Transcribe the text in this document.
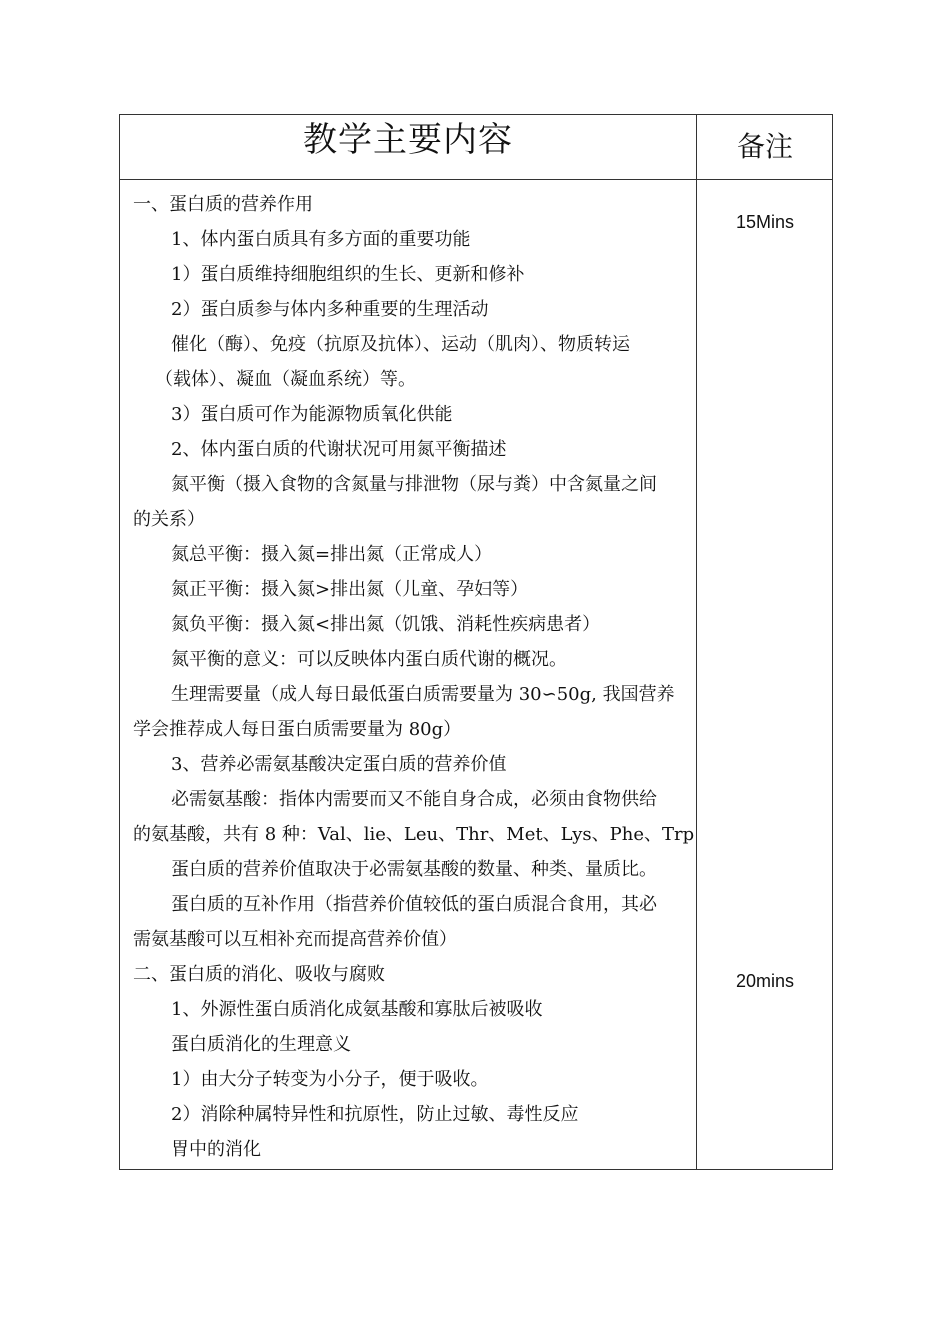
教学主要内容	备注
一、蛋白质的营养作用
1、体内蛋白质具有多方面的重要功能
1）蛋白质维持细胞组织的生长、更新和修补
2）蛋白质参与体内多种重要的生理活动
催化（酶）、免疫（抗原及抗体）、运动（肌肉）、物质转运
（载体）、凝血（凝血系统）等。
3）蛋白质可作为能源物质氧化供能
2、体内蛋白质的代谢状况可用氮平衡描述
氮平衡（摄入食物的含氮量与排泄物（尿与粪）中含氮量之间
的关系）
氮总平衡：摄入氮=排出氮（正常成人）
氮正平衡：摄入氮>排出氮（儿童、孕妇等）
氮负平衡：摄入氮<排出氮（饥饿、消耗性疾病患者）
氮平衡的意义：可以反映体内蛋白质代谢的概况。
生理需要量（成人每日最低蛋白质需要量为 30∽50g, 我国营养
学会推荐成人每日蛋白质需要量为 80g）
3、营养必需氨基酸决定蛋白质的营养价值
必需氨基酸：指体内需要而又不能自身合成，必须由食物供给
的氨基酸，共有 8 种：Val、lie、Leu、Thr、Met、Lys、Phe、Trp
蛋白质的营养价值取决于必需氨基酸的数量、种类、量质比。
蛋白质的互补作用（指营养价值较低的蛋白质混合食用，其必
需氨基酸可以互相补充而提高营养价值）
二、蛋白质的消化、吸收与腐败
1、外源性蛋白质消化成氨基酸和寡肽后被吸收
蛋白质消化的生理意义
1）由大分子转变为小分子，便于吸收。
2）消除种属特异性和抗原性，防止过敏、毒性反应
胃中的消化
15Mins
20mins
